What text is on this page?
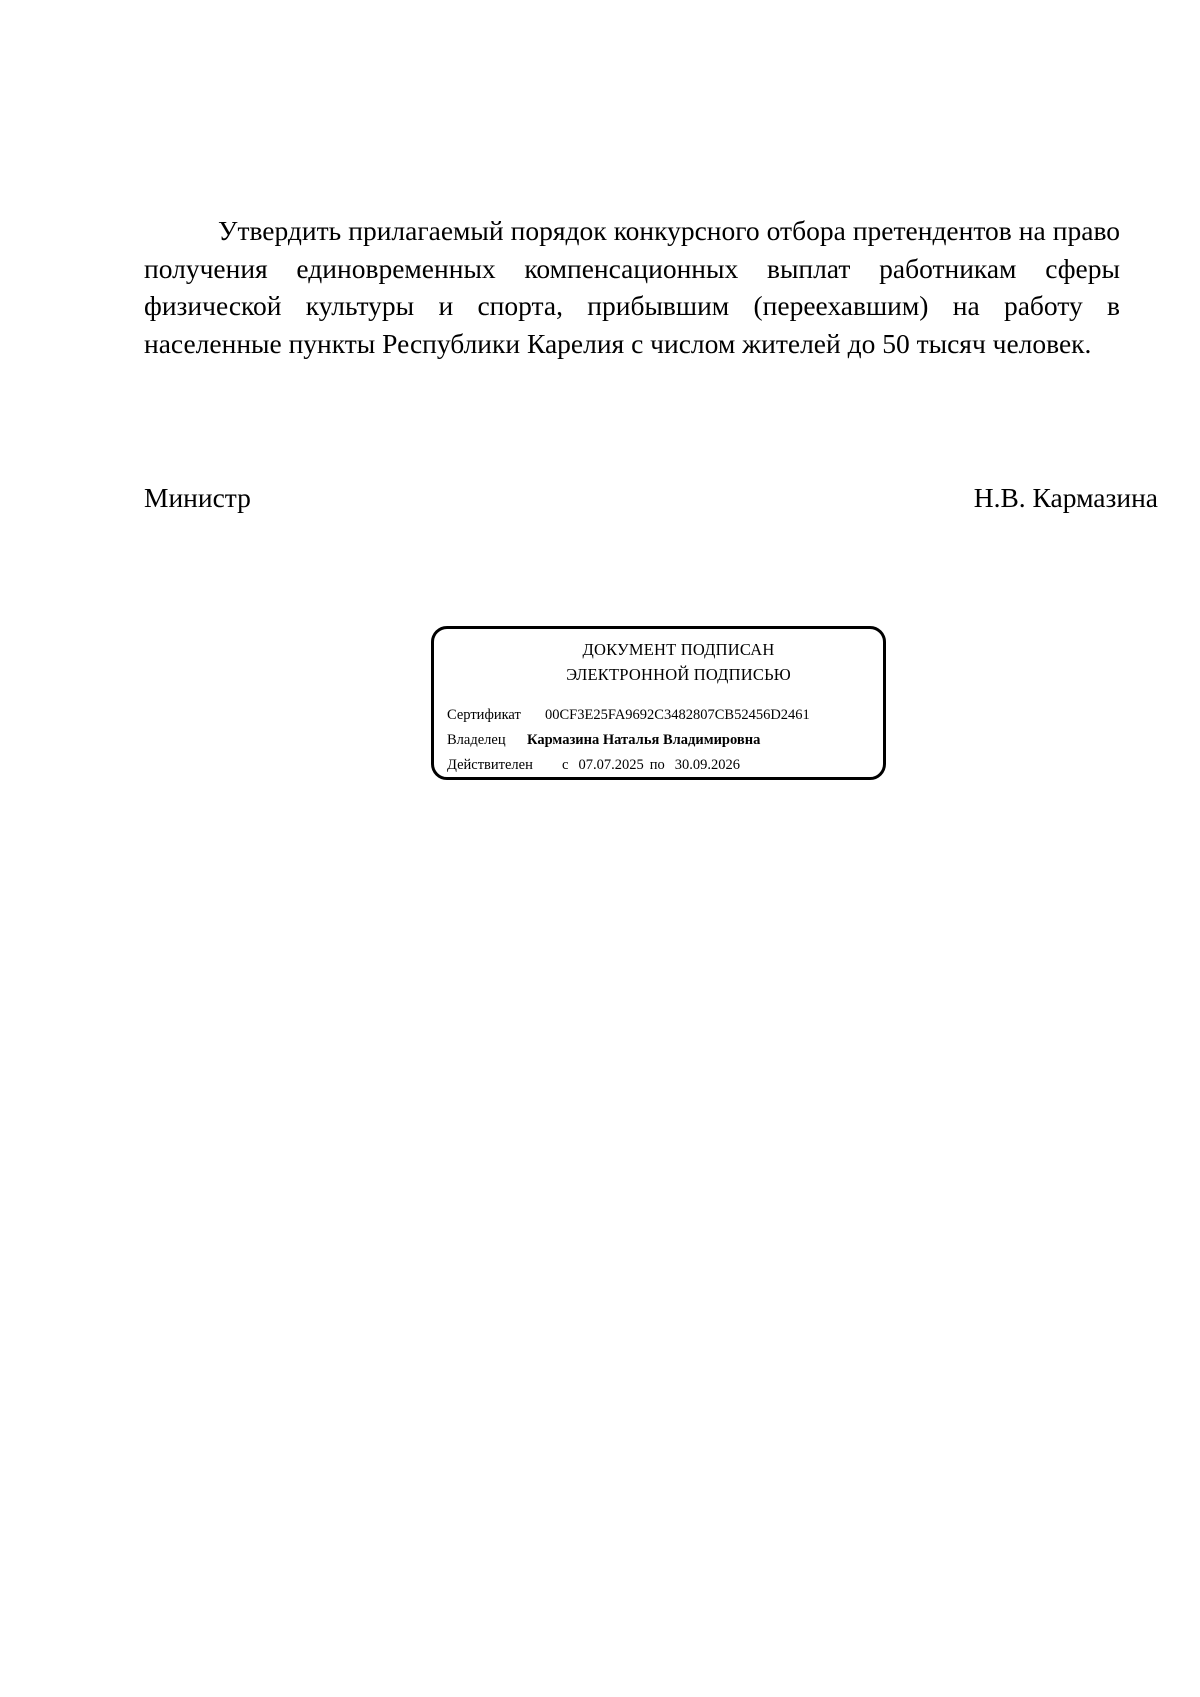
Утвердить прилагаемый порядок конкурсного отбора претендентов на право получения единовременных компенсационных выплат работникам сферы физической культуры и спорта, прибывшим (переехавшим) на работу в населенные пункты Республики Карелия с числом жителей до 50 тысяч человек.

Министр	Н.В. Кармазина
ДОКУМЕНТ ПОДПИСАН
ЭЛЕКТРОННОЙ ПОДПИСЬЮ
Сертификат 00CF3E25FA9692C3482807CB52456D2461
Владелец Кармазина Наталья Владимировна
Действителен с 07.07.2025 по 30.09.2026
